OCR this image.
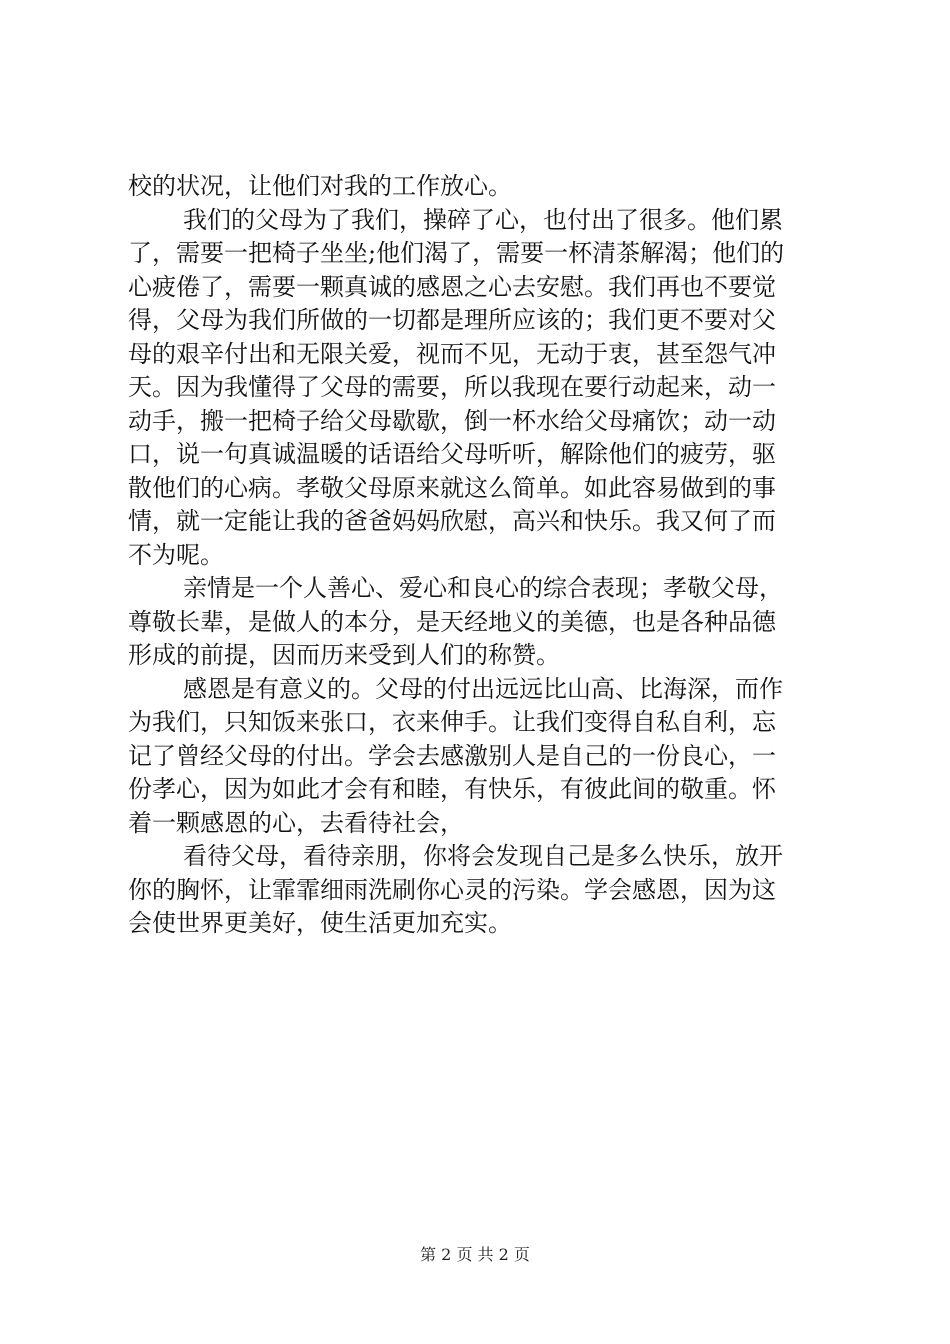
校的状况，让他们对我的工作放心。
我们的父母为了我们，操碎了心，也付出了很多。他们累
了，需要一把椅子坐坐;他们渴了，需要一杯清茶解渴；他们的
心疲倦了，需要一颗真诚的感恩之心去安慰。我们再也不要觉
得，父母为我们所做的一切都是理所应该的；我们更不要对父
母的艰辛付出和无限关爱，视而不见，无动于衷，甚至怨气冲
天。因为我懂得了父母的需要，所以我现在要行动起来，动一
动手，搬一把椅子给父母歇歇，倒一杯水给父母痛饮；动一动
口，说一句真诚温暖的话语给父母听听，解除他们的疲劳，驱
散他们的心病。孝敬父母原来就这么简单。如此容易做到的事
情，就一定能让我的爸爸妈妈欣慰，高兴和快乐。我又何了而
不为呢。
亲情是一个人善心、爱心和良心的综合表现；孝敬父母，
尊敬长辈，是做人的本分，是天经地义的美德，也是各种品德
形成的前提，因而历来受到人们的称赞。
感恩是有意义的。父母的付出远远比山高、比海深，而作
为我们，只知饭来张口，衣来伸手。让我们变得自私自利，忘
记了曾经父母的付出。学会去感激别人是自己的一份良心，一
份孝心，因为如此才会有和睦，有快乐，有彼此间的敬重。怀
着一颗感恩的心，去看待社会，
看待父母，看待亲朋，你将会发现自己是多么快乐，放开
你的胸怀，让霏霏细雨洗刷你心灵的污染。学会感恩，因为这
会使世界更美好，使生活更加充实。
第 2 页 共 2 页
